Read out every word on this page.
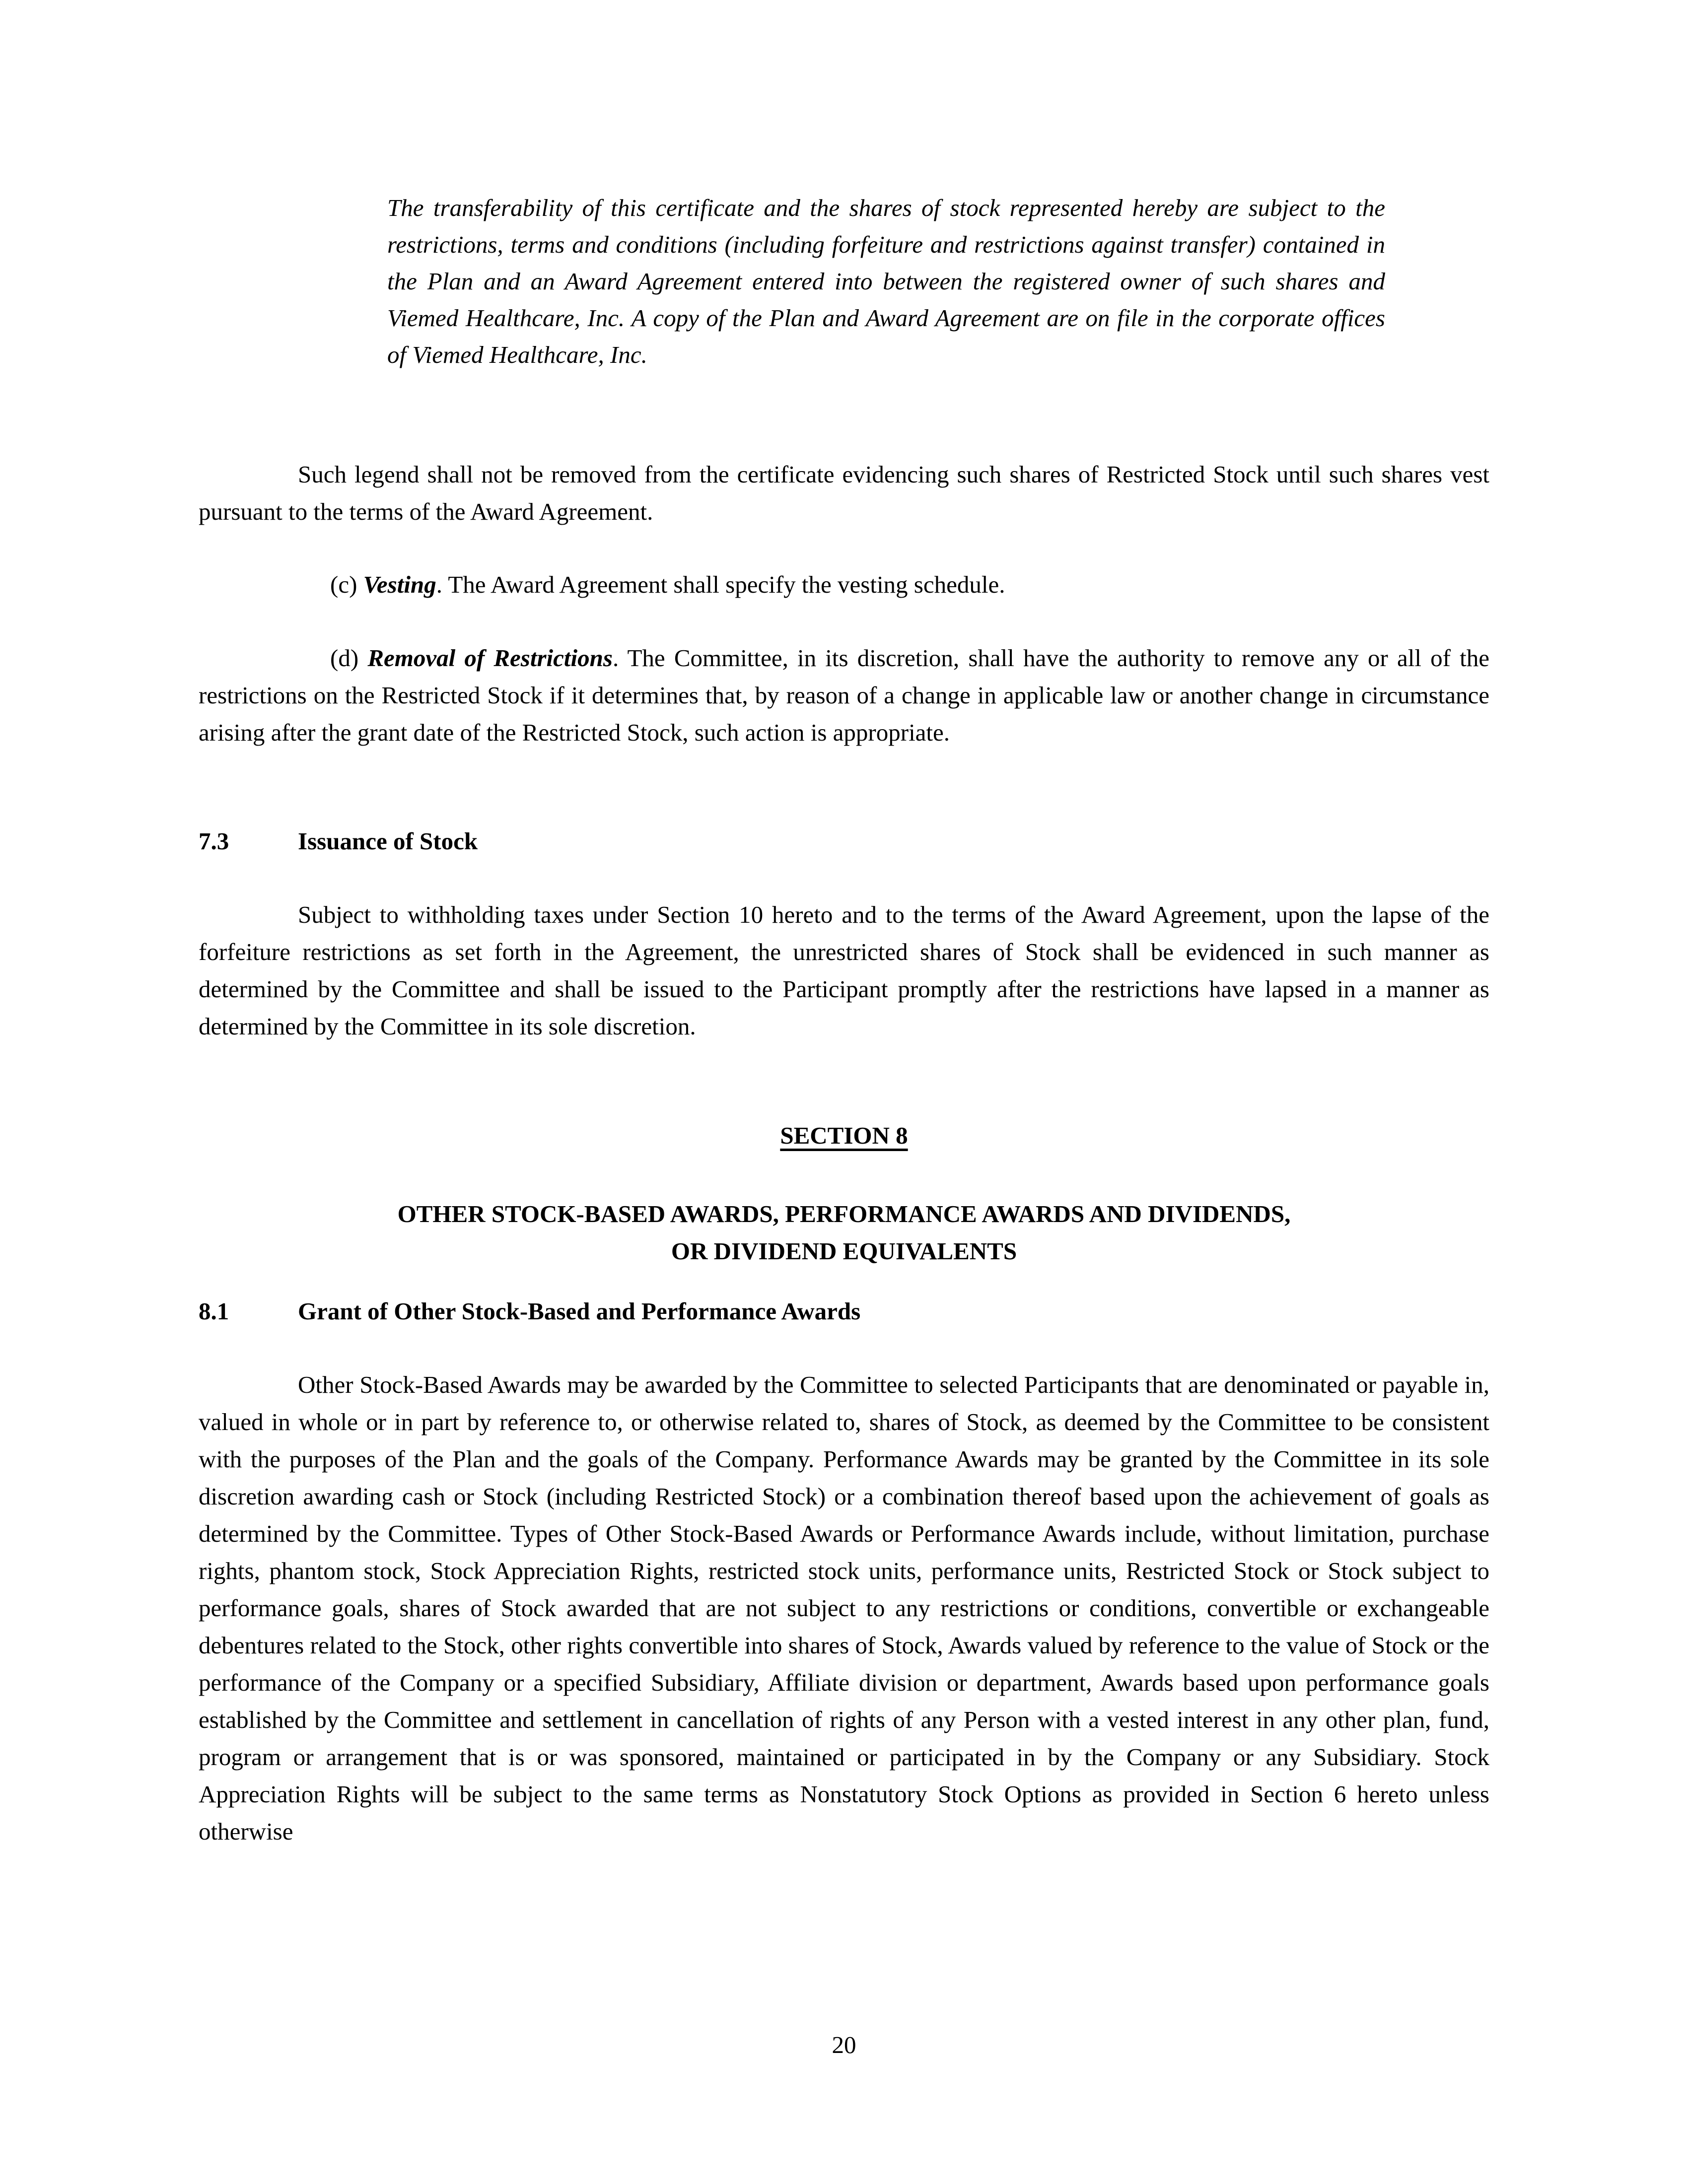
The transferability of this certificate and the shares of stock represented hereby are subject to the restrictions, terms and conditions (including forfeiture and restrictions against transfer) contained in the Plan and an Award Agreement entered into between the registered owner of such shares and Viemed Healthcare, Inc. A copy of the Plan and Award Agreement are on file in the corporate offices of Viemed Healthcare, Inc.

Such legend shall not be removed from the certificate evidencing such shares of Restricted Stock until such shares vest pursuant to the terms of the Award Agreement.

(c) Vesting. The Award Agreement shall specify the vesting schedule.

(d) Removal of Restrictions. The Committee, in its discretion, shall have the authority to remove any or all of the restrictions on the Restricted Stock if it determines that, by reason of a change in applicable law or another change in circumstance arising after the grant date of the Restricted Stock, such action is appropriate.

7.3	Issuance of Stock

Subject to withholding taxes under Section 10 hereto and to the terms of the Award Agreement, upon the lapse of the forfeiture restrictions as set forth in the Agreement, the unrestricted shares of Stock shall be evidenced in such manner as determined by the Committee and shall be issued to the Participant promptly after the restrictions have lapsed in a manner as determined by the Committee in its sole discretion.

SECTION 8
OTHER STOCK-BASED AWARDS, PERFORMANCE AWARDS AND DIVIDENDS,
OR DIVIDEND EQUIVALENTS
8.1	Grant of Other Stock-Based and Performance Awards

Other Stock-Based Awards may be awarded by the Committee to selected Participants that are denominated or payable in, valued in whole or in part by reference to, or otherwise related to, shares of Stock, as deemed by the Committee to be consistent with the purposes of the Plan and the goals of the Company. Performance Awards may be granted by the Committee in its sole discretion awarding cash or Stock (including Restricted Stock) or a combination thereof based upon the achievement of goals as determined by the Committee. Types of Other Stock-Based Awards or Performance Awards include, without limitation, purchase rights, phantom stock, Stock Appreciation Rights, restricted stock units, performance units, Restricted Stock or Stock subject to performance goals, shares of Stock awarded that are not subject to any restrictions or conditions, convertible or exchangeable debentures related to the Stock, other rights convertible into shares of Stock, Awards valued by reference to the value of Stock or the performance of the Company or a specified Subsidiary, Affiliate division or department, Awards based upon performance goals established by the Committee and settlement in cancellation of rights of any Person with a vested interest in any other plan, fund, program or arrangement that is or was sponsored, maintained or participated in by the Company or any Subsidiary. Stock Appreciation Rights will be subject to the same terms as Nonstatutory Stock Options as provided in Section 6 hereto unless otherwise

20
